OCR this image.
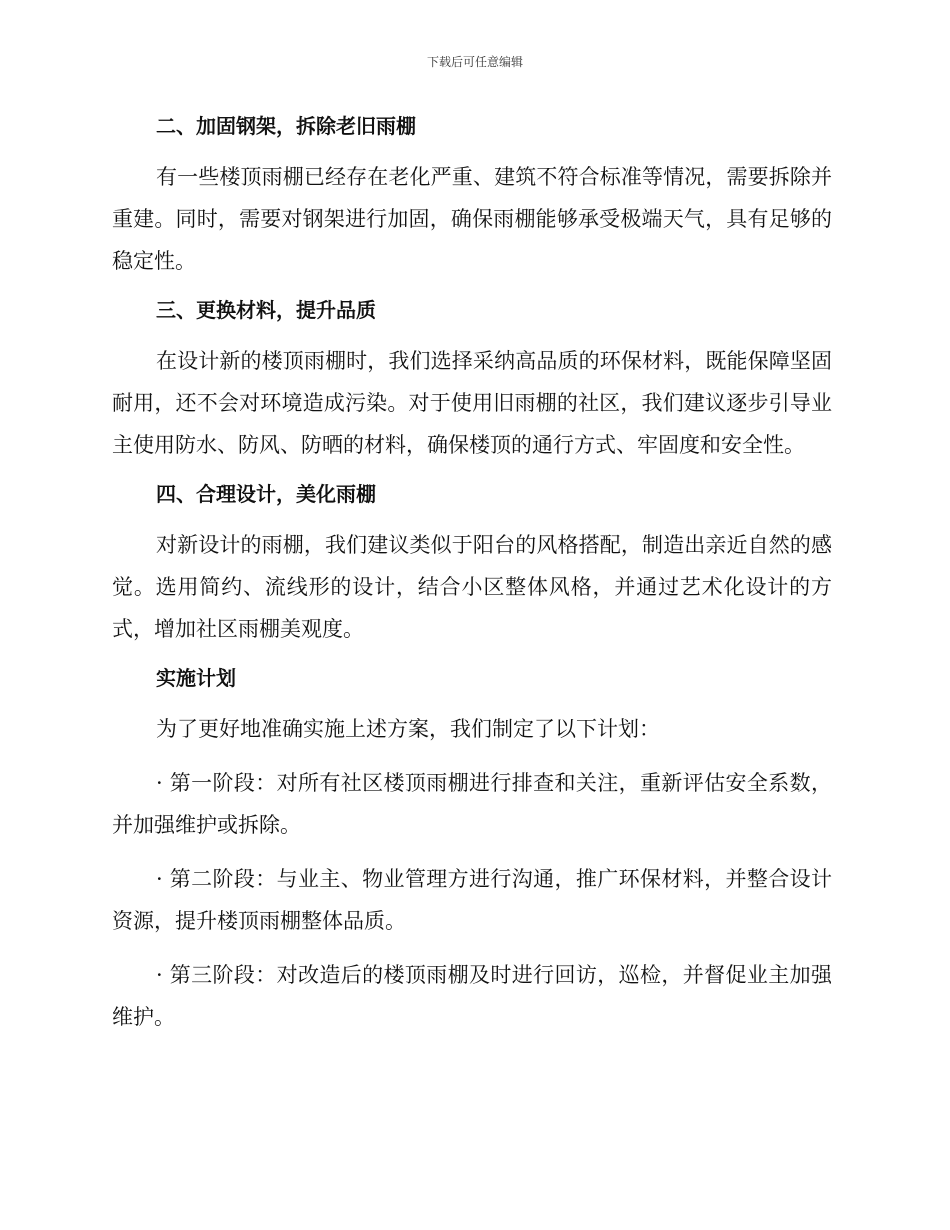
下载后可任意编辑
二、加固钢架，拆除老旧雨棚

有一些楼顶雨棚已经存在老化严重、建筑不符合标准等情况，需要拆除并重建。同时，需要对钢架进行加固，确保雨棚能够承受极端天气，具有足够的稳定性。

三、更换材料，提升品质

在设计新的楼顶雨棚时，我们选择采纳高品质的环保材料，既能保障坚固耐用，还不会对环境造成污染。对于使用旧雨棚的社区，我们建议逐步引导业主使用防水、防风、防晒的材料，确保楼顶的通行方式、牢固度和安全性。

四、合理设计，美化雨棚

对新设计的雨棚，我们建议类似于阳台的风格搭配，制造出亲近自然的感觉。选用简约、流线形的设计，结合小区整体风格，并通过艺术化设计的方式，增加社区雨棚美观度。

实施计划

为了更好地准确实施上述方案，我们制定了以下计划：

· 第一阶段：对所有社区楼顶雨棚进行排查和关注，重新评估安全系数，并加强维护或拆除。

· 第二阶段：与业主、物业管理方进行沟通，推广环保材料，并整合设计资源，提升楼顶雨棚整体品质。

· 第三阶段：对改造后的楼顶雨棚及时进行回访，巡检，并督促业主加强维护。
